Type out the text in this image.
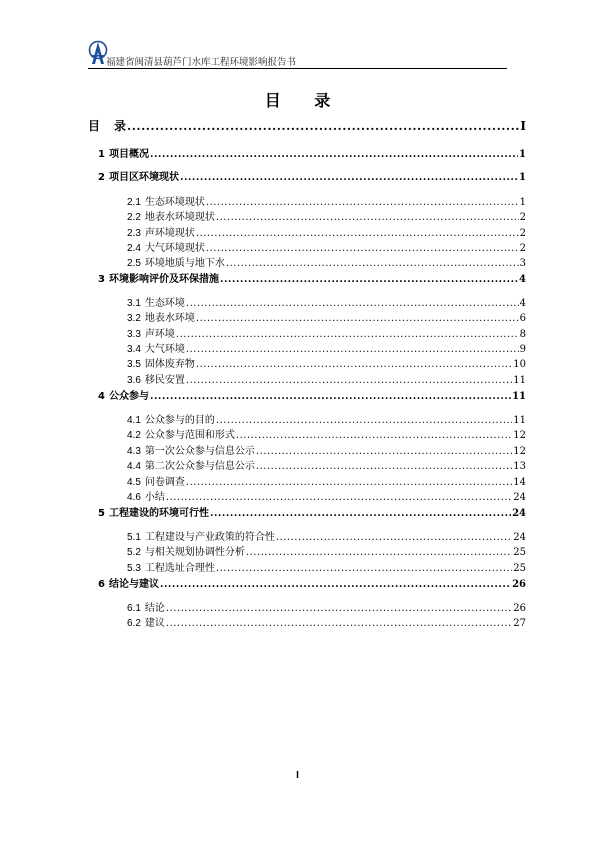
福建省闽清县葫芦门水库工程环境影响报告书
目 录
目 录 .....	I
1 项目概况 .....	1
2 项目区环境现状 .....	1
2.1 生态环境现状 .....	1
2.2 地表水环境现状 .....	2
2.3 声环境现状 .....	2
2.4 大气环境现状 .....	2
2.5 环境地质与地下水 .....	3
3 环境影响评价及环保措施 .....	4
3.1 生态环境 .....	4
3.2 地表水环境 .....	6
3.3 声环境 .....	8
3.4 大气环境 .....	9
3.5 固体废弃物 .....	10
3.6 移民安置 .....	11
4 公众参与 .....	11
4.1 公众参与的目的 .....	11
4.2 公众参与范围和形式 .....	12
4.3 第一次公众参与信息公示 .....	12
4.4 第二次公众参与信息公示 .....	13
4.5 问卷调查 .....	14
4.6 小结 .....	24
5 工程建设的环境可行性 .....	24
5.1 工程建设与产业政策的符合性 .....	24
5.2 与相关规划协调性分析 .....	25
5.3 工程选址合理性 .....	25
6 结论与建议 .....	26
6.1 结论 .....	26
6.2 建议 .....	27
I
